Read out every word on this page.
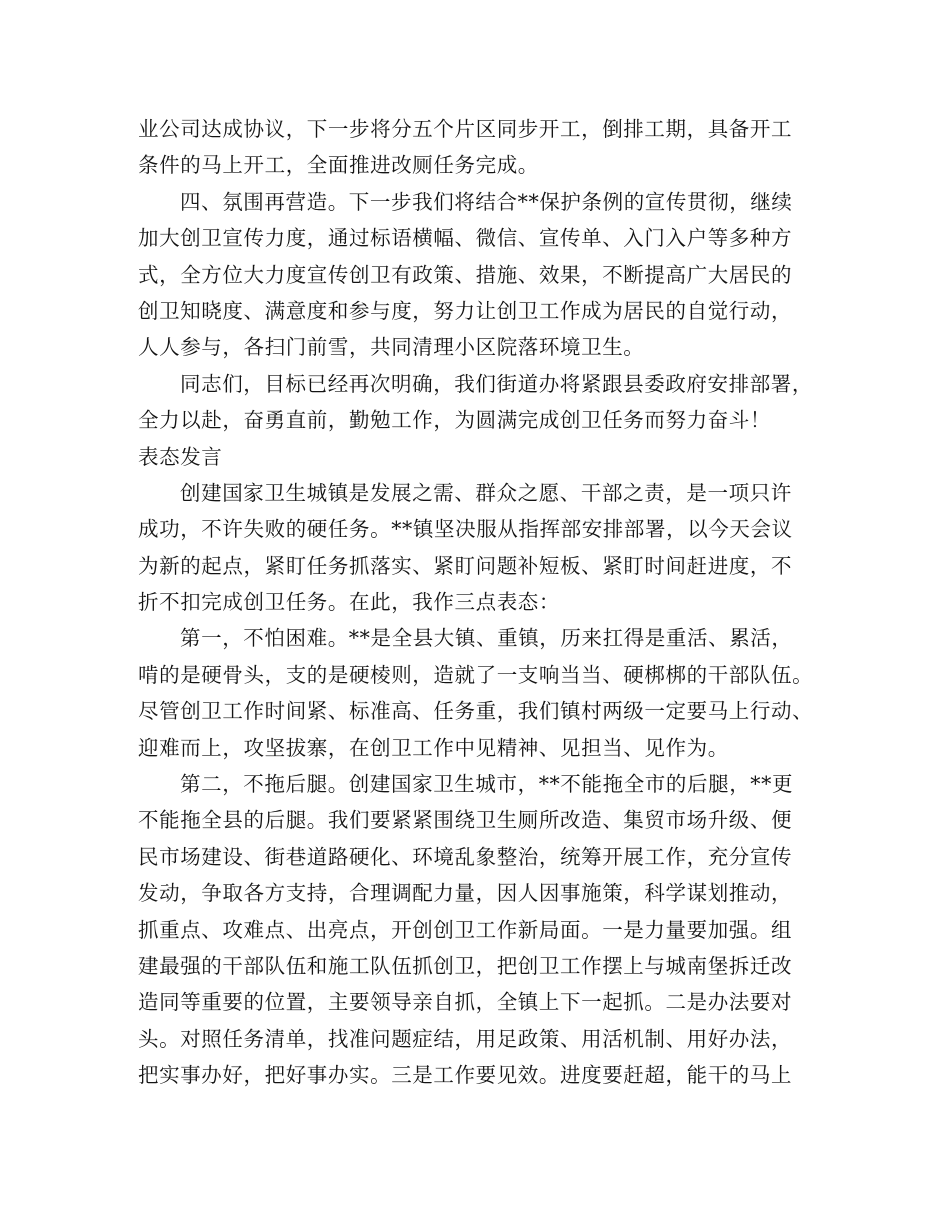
业公司达成协议，下一步将分五个片区同步开工，倒排工期，具备开工
条件的马上开工，全面推进改厕任务完成。
四、氛围再营造。下一步我们将结合**保护条例的宣传贯彻，继续
加大创卫宣传力度，通过标语横幅、微信、宣传单、入门入户等多种方
式，全方位大力度宣传创卫有政策、措施、效果，不断提高广大居民的
创卫知晓度、满意度和参与度，努力让创卫工作成为居民的自觉行动，
人人参与，各扫门前雪，共同清理小区院落环境卫生。
同志们，目标已经再次明确，我们街道办将紧跟县委政府安排部署，
全力以赴，奋勇直前，勤勉工作，为圆满完成创卫任务而努力奋斗！
表态发言
创建国家卫生城镇是发展之需、群众之愿、干部之责，是一项只许
成功，不许失败的硬任务。**镇坚决服从指挥部安排部署，以今天会议
为新的起点，紧盯任务抓落实、紧盯问题补短板、紧盯时间赶进度，不
折不扣完成创卫任务。在此，我作三点表态：
第一，不怕困难。**是全县大镇、重镇，历来扛得是重活、累活，
啃的是硬骨头，支的是硬棱则，造就了一支响当当、硬梆梆的干部队伍。
尽管创卫工作时间紧、标准高、任务重，我们镇村两级一定要马上行动、
迎难而上，攻坚拔寨，在创卫工作中见精神、见担当、见作为。
第二，不拖后腿。创建国家卫生城市，**不能拖全市的后腿，**更
不能拖全县的后腿。我们要紧紧围绕卫生厕所改造、集贸市场升级、便
民市场建设、街巷道路硬化、环境乱象整治，统筹开展工作，充分宣传
发动，争取各方支持，合理调配力量，因人因事施策，科学谋划推动，
抓重点、攻难点、出亮点，开创创卫工作新局面。一是力量要加强。组
建最强的干部队伍和施工队伍抓创卫，把创卫工作摆上与城南堡拆迁改
造同等重要的位置，主要领导亲自抓，全镇上下一起抓。二是办法要对
头。对照任务清单，找准问题症结，用足政策、用活机制、用好办法，
把实事办好，把好事办实。三是工作要见效。进度要赶超，能干的马上
